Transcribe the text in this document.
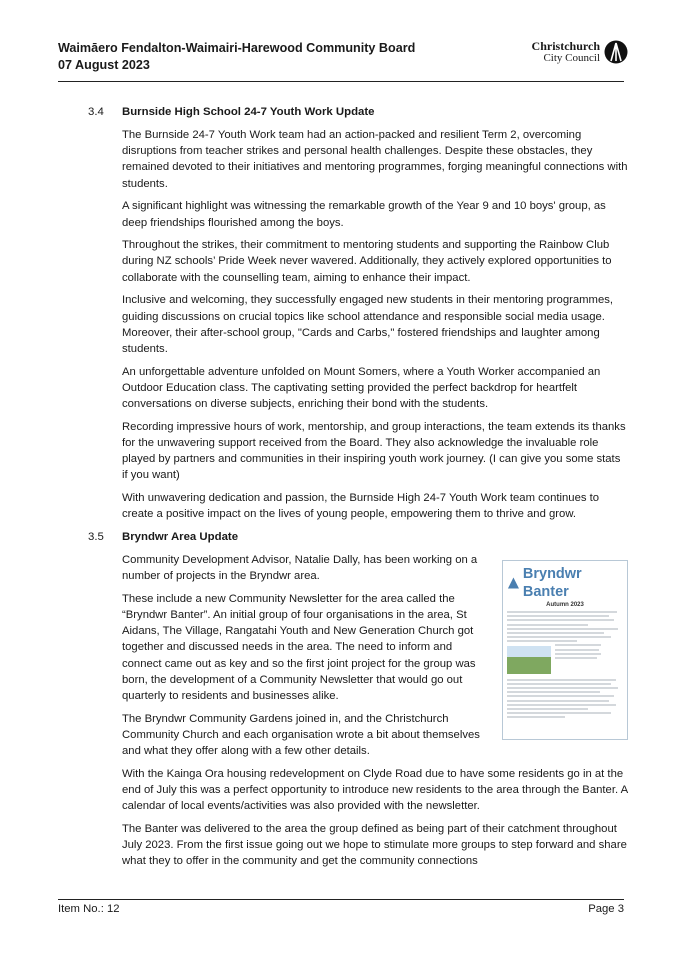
Waimāero Fendalton-Waimairi-Harewood Community Board
07 August 2023
Christchurch
City Council
3.4	Burnside High School 24-7 Youth Work Update

The Burnside 24-7 Youth Work team had an action-packed and resilient Term 2, overcoming disruptions from teacher strikes and personal health challenges. Despite these obstacles, they remained devoted to their initiatives and mentoring programmes, forging meaningful connections with students.

A significant highlight was witnessing the remarkable growth of the Year 9 and 10 boys' group, as deep friendships flourished among the boys.

Throughout the strikes, their commitment to mentoring students and supporting the Rainbow Club during NZ schools’ Pride Week never wavered. Additionally, they actively explored opportunities to collaborate with the counselling team, aiming to enhance their impact.

Inclusive and welcoming, they successfully engaged new students in their mentoring programmes, guiding discussions on crucial topics like school attendance and responsible social media usage. Moreover, their after-school group, "Cards and Carbs," fostered friendships and laughter among students.

An unforgettable adventure unfolded on Mount Somers, where a Youth Worker accompanied an Outdoor Education class. The captivating setting provided the perfect backdrop for heartfelt conversations on diverse subjects, enriching their bond with the students.

Recording impressive hours of work, mentorship, and group interactions, the team extends its thanks for the unwavering support received from the Board. They also acknowledge the invaluable role played by partners and communities in their inspiring youth work journey. (I can give you some stats if you want)

With unwavering dedication and passion, the Burnside High 24-7 Youth Work team continues to create a positive impact on the lives of young people, empowering them to thrive and grow.

3.5	Bryndwr Area Update
Bryndwr Banter
Autumn 2023

Community Development Advisor, Natalie Dally, has been working on a number of projects in the Bryndwr area.

These include a new Community Newsletter for the area called the “Bryndwr Banter”. An initial group of four organisations in the area, St Aidans, The Village, Rangatahi Youth and New Generation Church got together and discussed needs in the area. The need to inform and connect came out as key and so the first joint project for the group was born, the development of a Community Newsletter that would go out quarterly to residents and businesses alike.

The Bryndwr Community Gardens joined in, and the Christchurch Community Church and each organisation wrote a bit about themselves and what they offer along with a few other details.

With the Kainga Ora housing redevelopment on Clyde Road due to have some residents go in at the end of July this was a perfect opportunity to introduce new residents to the area through the Banter. A calendar of local events/activities was also provided with the newsletter.

The Banter was delivered to the area the group defined as being part of their catchment throughout July 2023. From the first issue going out we hope to stimulate more groups to step forward and share what they to offer in the community and get the community connections

Item No.: 12	Page 3
